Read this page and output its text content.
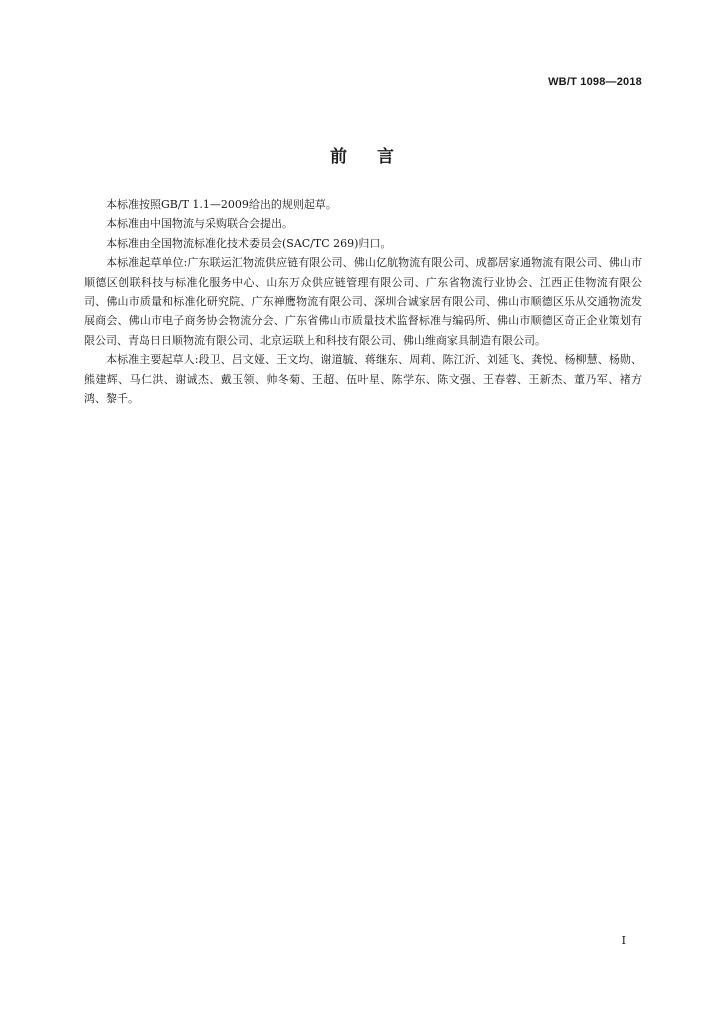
WB/T 1098—2018
前 言

本标准按照GB/T 1.1—2009给出的规则起草。

本标准由中国物流与采购联合会提出。

本标准由全国物流标准化技术委员会(SAC/TC 269)归口。

本标准起草单位:广东联运汇物流供应链有限公司、佛山亿航物流有限公司、成都居家通物流有限公司、佛山市顺德区创联科技与标准化服务中心、山东万众供应链管理有限公司、广东省物流行业协会、江西正佳物流有限公司、佛山市质量和标准化研究院、广东禅鹰物流有限公司、深圳合诚家居有限公司、佛山市顺德区乐从交通物流发展商会、佛山市电子商务协会物流分会、广东省佛山市质量技术监督标准与编码所、佛山市顺德区奇正企业策划有限公司、青岛日日顺物流有限公司、北京运联上和科技有限公司、佛山维商家具制造有限公司。

本标准主要起草人:段卫、吕文娅、王文均、谢道毓、蒋继东、周莉、陈江沂、刘延飞、龚悦、杨柳慧、杨勋、熊建辉、马仁洪、谢诚杰、戴玉领、帅冬菊、王超、伍叶星、陈学东、陈文强、王春蓉、王新杰、董乃军、褚方鸿、黎千。

I
